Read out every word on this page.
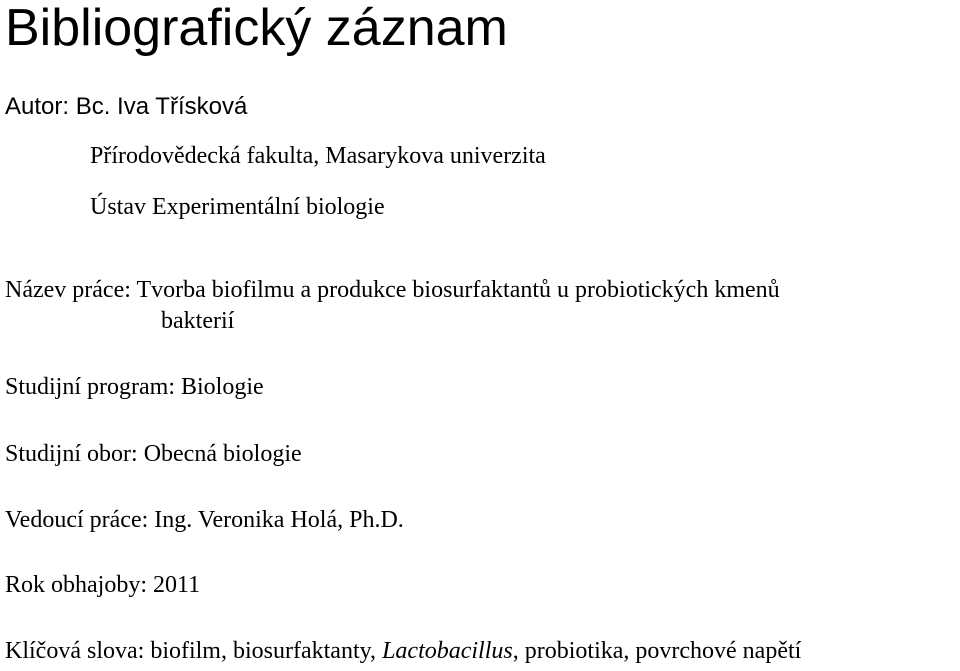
Bibliografický záznam
Autor: Bc. Iva Třísková
Přírodovědecká fakulta, Masarykova univerzita
Ústav Experimentální biologie
Název práce: Tvorba biofilmu a produkce biosurfaktantů u probiotických kmenů
bakterií
Studijní program: Biologie
Studijní obor: Obecná biologie
Vedoucí práce: Ing. Veronika Holá, Ph.D.
Rok obhajoby: 2011
Klíčová slova: biofilm, biosurfaktanty, Lactobacillus, probiotika, povrchové napětí
